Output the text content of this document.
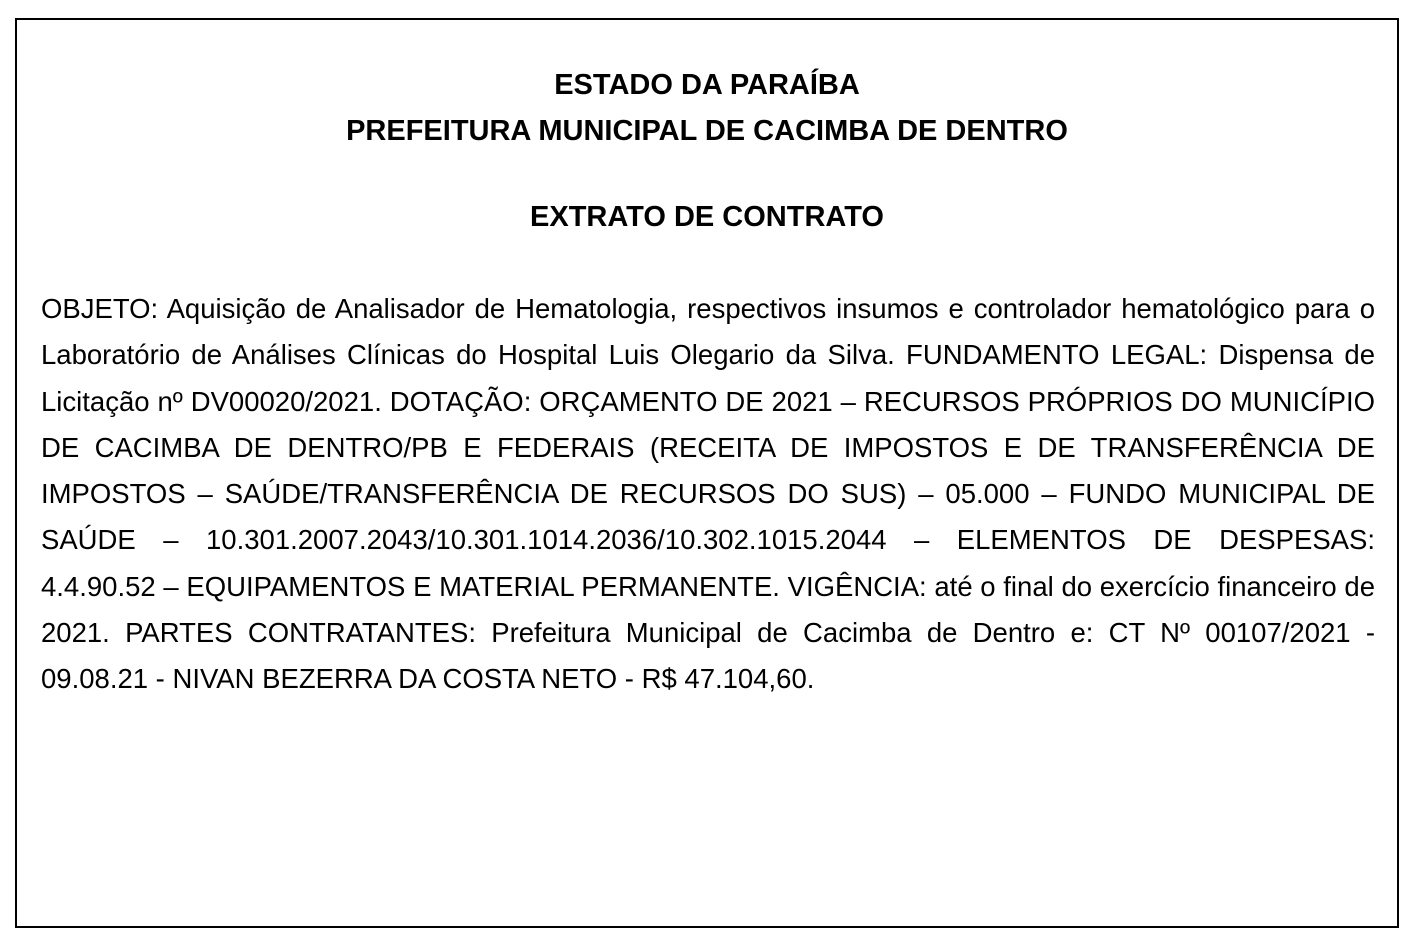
ESTADO DA PARAÍBA
PREFEITURA MUNICIPAL DE CACIMBA DE DENTRO
EXTRATO DE CONTRATO
OBJETO: Aquisição de Analisador de Hematologia, respectivos insumos e controlador hematológico para o Laboratório de Análises Clínicas do Hospital Luis Olegario da Silva. FUNDAMENTO LEGAL: Dispensa de Licitação nº DV00020/2021. DOTAÇÃO: ORÇAMENTO DE 2021 – RECURSOS PRÓPRIOS DO MUNICÍPIO DE CACIMBA DE DENTRO/PB E FEDERAIS (RECEITA DE IMPOSTOS E DE TRANSFERÊNCIA DE IMPOSTOS – SAÚDE/TRANSFERÊNCIA DE RECURSOS DO SUS) – 05.000 – FUNDO MUNICIPAL DE SAÚDE – 10.301.2007.2043/10.301.1014.2036/10.302.1015.2044 – ELEMENTOS DE DESPESAS: 4.4.90.52 – EQUIPAMENTOS E MATERIAL PERMANENTE. VIGÊNCIA: até o final do exercício financeiro de 2021. PARTES CONTRATANTES: Prefeitura Municipal de Cacimba de Dentro e: CT Nº 00107/2021 - 09.08.21 - NIVAN BEZERRA DA COSTA NETO - R$ 47.104,60.
